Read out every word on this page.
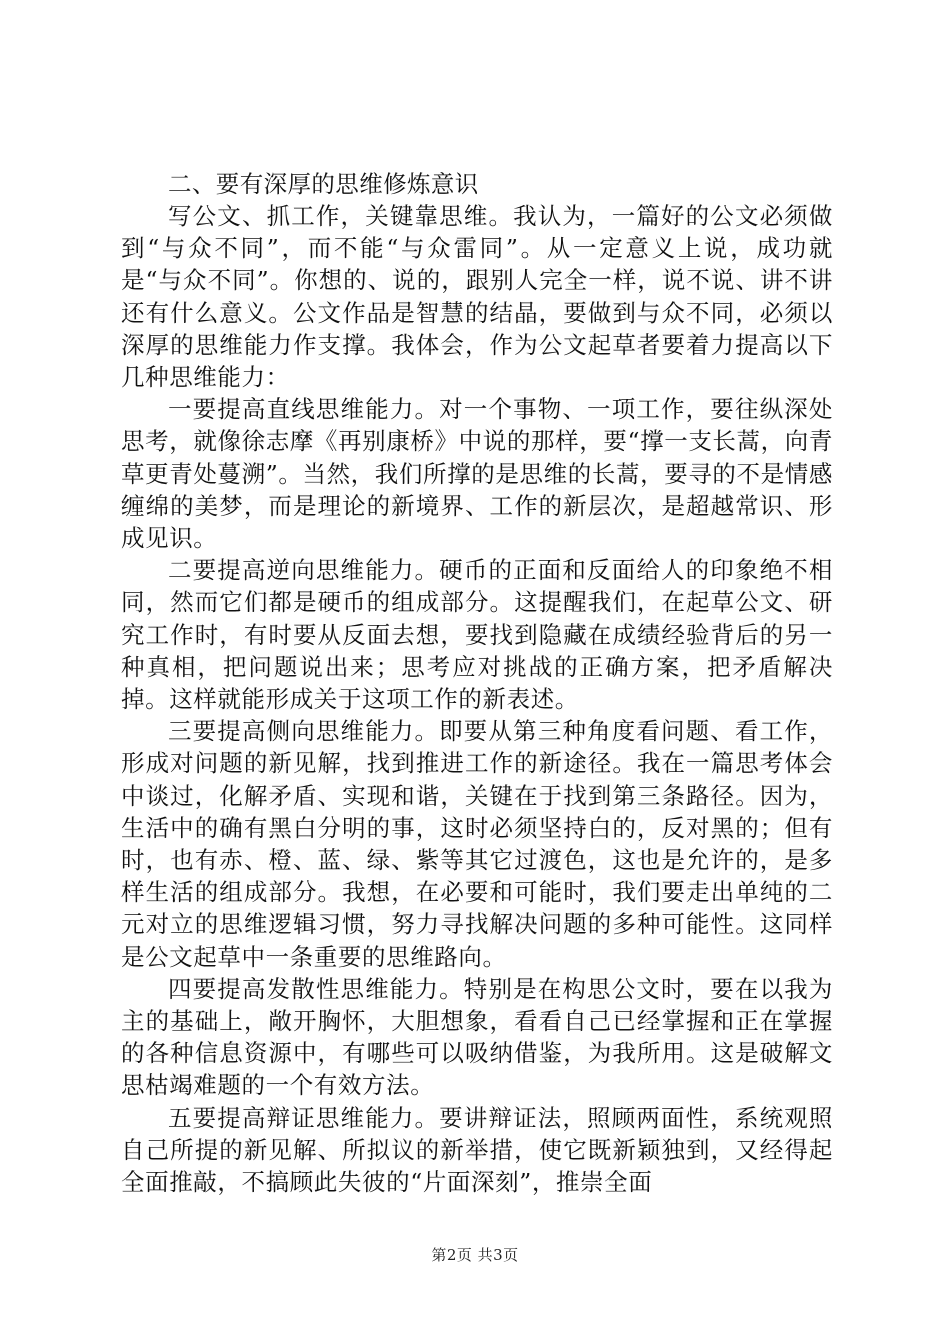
二、要有深厚的思维修炼意识

写公文、抓工作，关键靠思维。我认为，一篇好的公文必须做到“与众不同”，而不能“与众雷同”。从一定意义上说，成功就是“与众不同”。你想的、说的，跟别人完全一样，说不说、讲不讲还有什么意义。公文作品是智慧的结晶，要做到与众不同，必须以深厚的思维能力作支撑。我体会，作为公文起草者要着力提高以下几种思维能力：

一要提高直线思维能力。对一个事物、一项工作，要往纵深处思考，就像徐志摩《再别康桥》中说的那样，要“撑一支长蒿，向青草更青处蔓溯”。当然，我们所撑的是思维的长蒿，要寻的不是情感缠绵的美梦，而是理论的新境界、工作的新层次，是超越常识、形成见识。

二要提高逆向思维能力。硬币的正面和反面给人的印象绝不相同，然而它们都是硬币的组成部分。这提醒我们，在起草公文、研究工作时，有时要从反面去想，要找到隐藏在成绩经验背后的另一种真相，把问题说出来；思考应对挑战的正确方案，把矛盾解决掉。这样就能形成关于这项工作的新表述。

三要提高侧向思维能力。即要从第三种角度看问题、看工作，形成对问题的新见解，找到推进工作的新途径。我在一篇思考体会中谈过，化解矛盾、实现和谐，关键在于找到第三条路径。因为，生活中的确有黑白分明的事，这时必须坚持白的，反对黑的；但有时，也有赤、橙、蓝、绿、紫等其它过渡色，这也是允许的，是多样生活的组成部分。我想，在必要和可能时，我们要走出单纯的二元对立的思维逻辑习惯，努力寻找解决问题的多种可能性。这同样是公文起草中一条重要的思维路向。

四要提高发散性思维能力。特别是在构思公文时，要在以我为主的基础上，敞开胸怀，大胆想象，看看自己已经掌握和正在掌握的各种信息资源中，有哪些可以吸纳借鉴，为我所用。这是破解文思枯竭难题的一个有效方法。

五要提高辩证思维能力。要讲辩证法，照顾两面性，系统观照自己所提的新见解、所拟议的新举措，使它既新颖独到，又经得起全面推敲，不搞顾此失彼的“片面深刻”，推崇全面

第2页 共3页
